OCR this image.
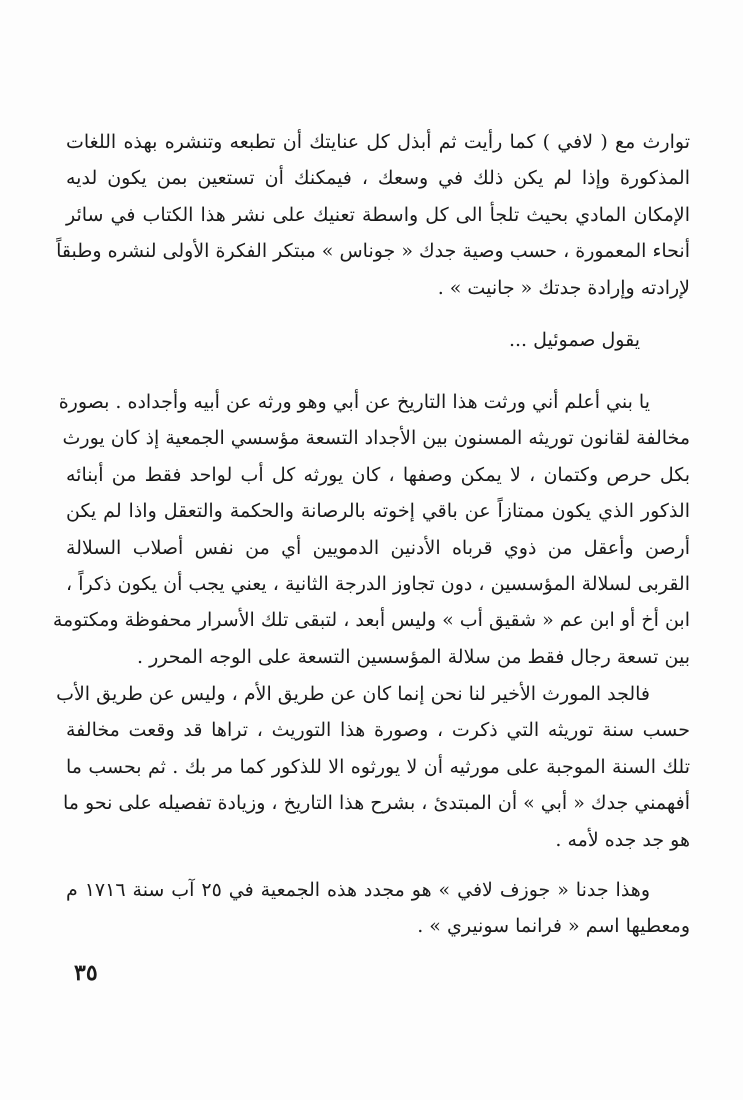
توارث مع ( لافي ) كما رأيت ثم أبذل كل عنايتك أن تطبعه وتنشره بهذه اللغات
المذكورة وإذا لم يكن ذلك في وسعك ، فيمكنك أن تستعين بمن يكون لديه
الإمكان المادي بحيث تلجأ الى كل واسطة تعنيك على نشر هذا الكتاب في سائر
أنحاء المعمورة ، حسب وصية جدك « جوناس » مبتكر الفكرة الأولى لنشره وطبقاً
لإرادته وإرادة جدتك « جانيت » .
يقول صموئيل ...
يا بني أعلم أني ورثت هذا التاريخ عن أبي وهو ورثه عن أبيه وأجداده . بصورة
مخالفة لقانون توريثه المسنون بين الأجداد التسعة مؤسسي الجمعية إذ كان يورث
بكل حرص وكتمان ، لا يمكن وصفها ، كان يورثه كل أب لواحد فقط من أبنائه
الذكور الذي يكون ممتازاً عن باقي إخوته بالرصانة والحكمة والتعقل واذا لم يكن
أرصن وأعقل من ذوي قرباه الأدنين الدمويين أي من نفس أصلاب السلالة
القربى لسلالة المؤسسين ، دون تجاوز الدرجة الثانية ، يعني يجب أن يكون ذكراً ،
ابن أخ أو ابن عم « شقيق أب » وليس أبعد ، لتبقى تلك الأسرار محفوظة ومكتومة
بين تسعة رجال فقط من سلالة المؤسسين التسعة على الوجه المحرر .
فالجد المورث الأخير لنا نحن إنما كان عن طريق الأم ، وليس عن طريق الأب
حسب سنة توريثه التي ذكرت ، وصورة هذا التوريث ، تراها قد وقعت مخالفة
تلك السنة الموجبة على مورثيه أن لا يورثوه الا للذكور كما مر بك . ثم بحسب ما
أفهمني جدك « أبي » أن المبتدئ ، بشرح هذا التاريخ ، وزيادة تفصيله على نحو ما
هو جد جده لأمه .
وهذا جدنا « جوزف لافي » هو مجدد هذه الجمعية في ٢٥ آب سنة ١٧١٦ م
ومعطيها اسم « فرانما سونيري » .
٣٥
